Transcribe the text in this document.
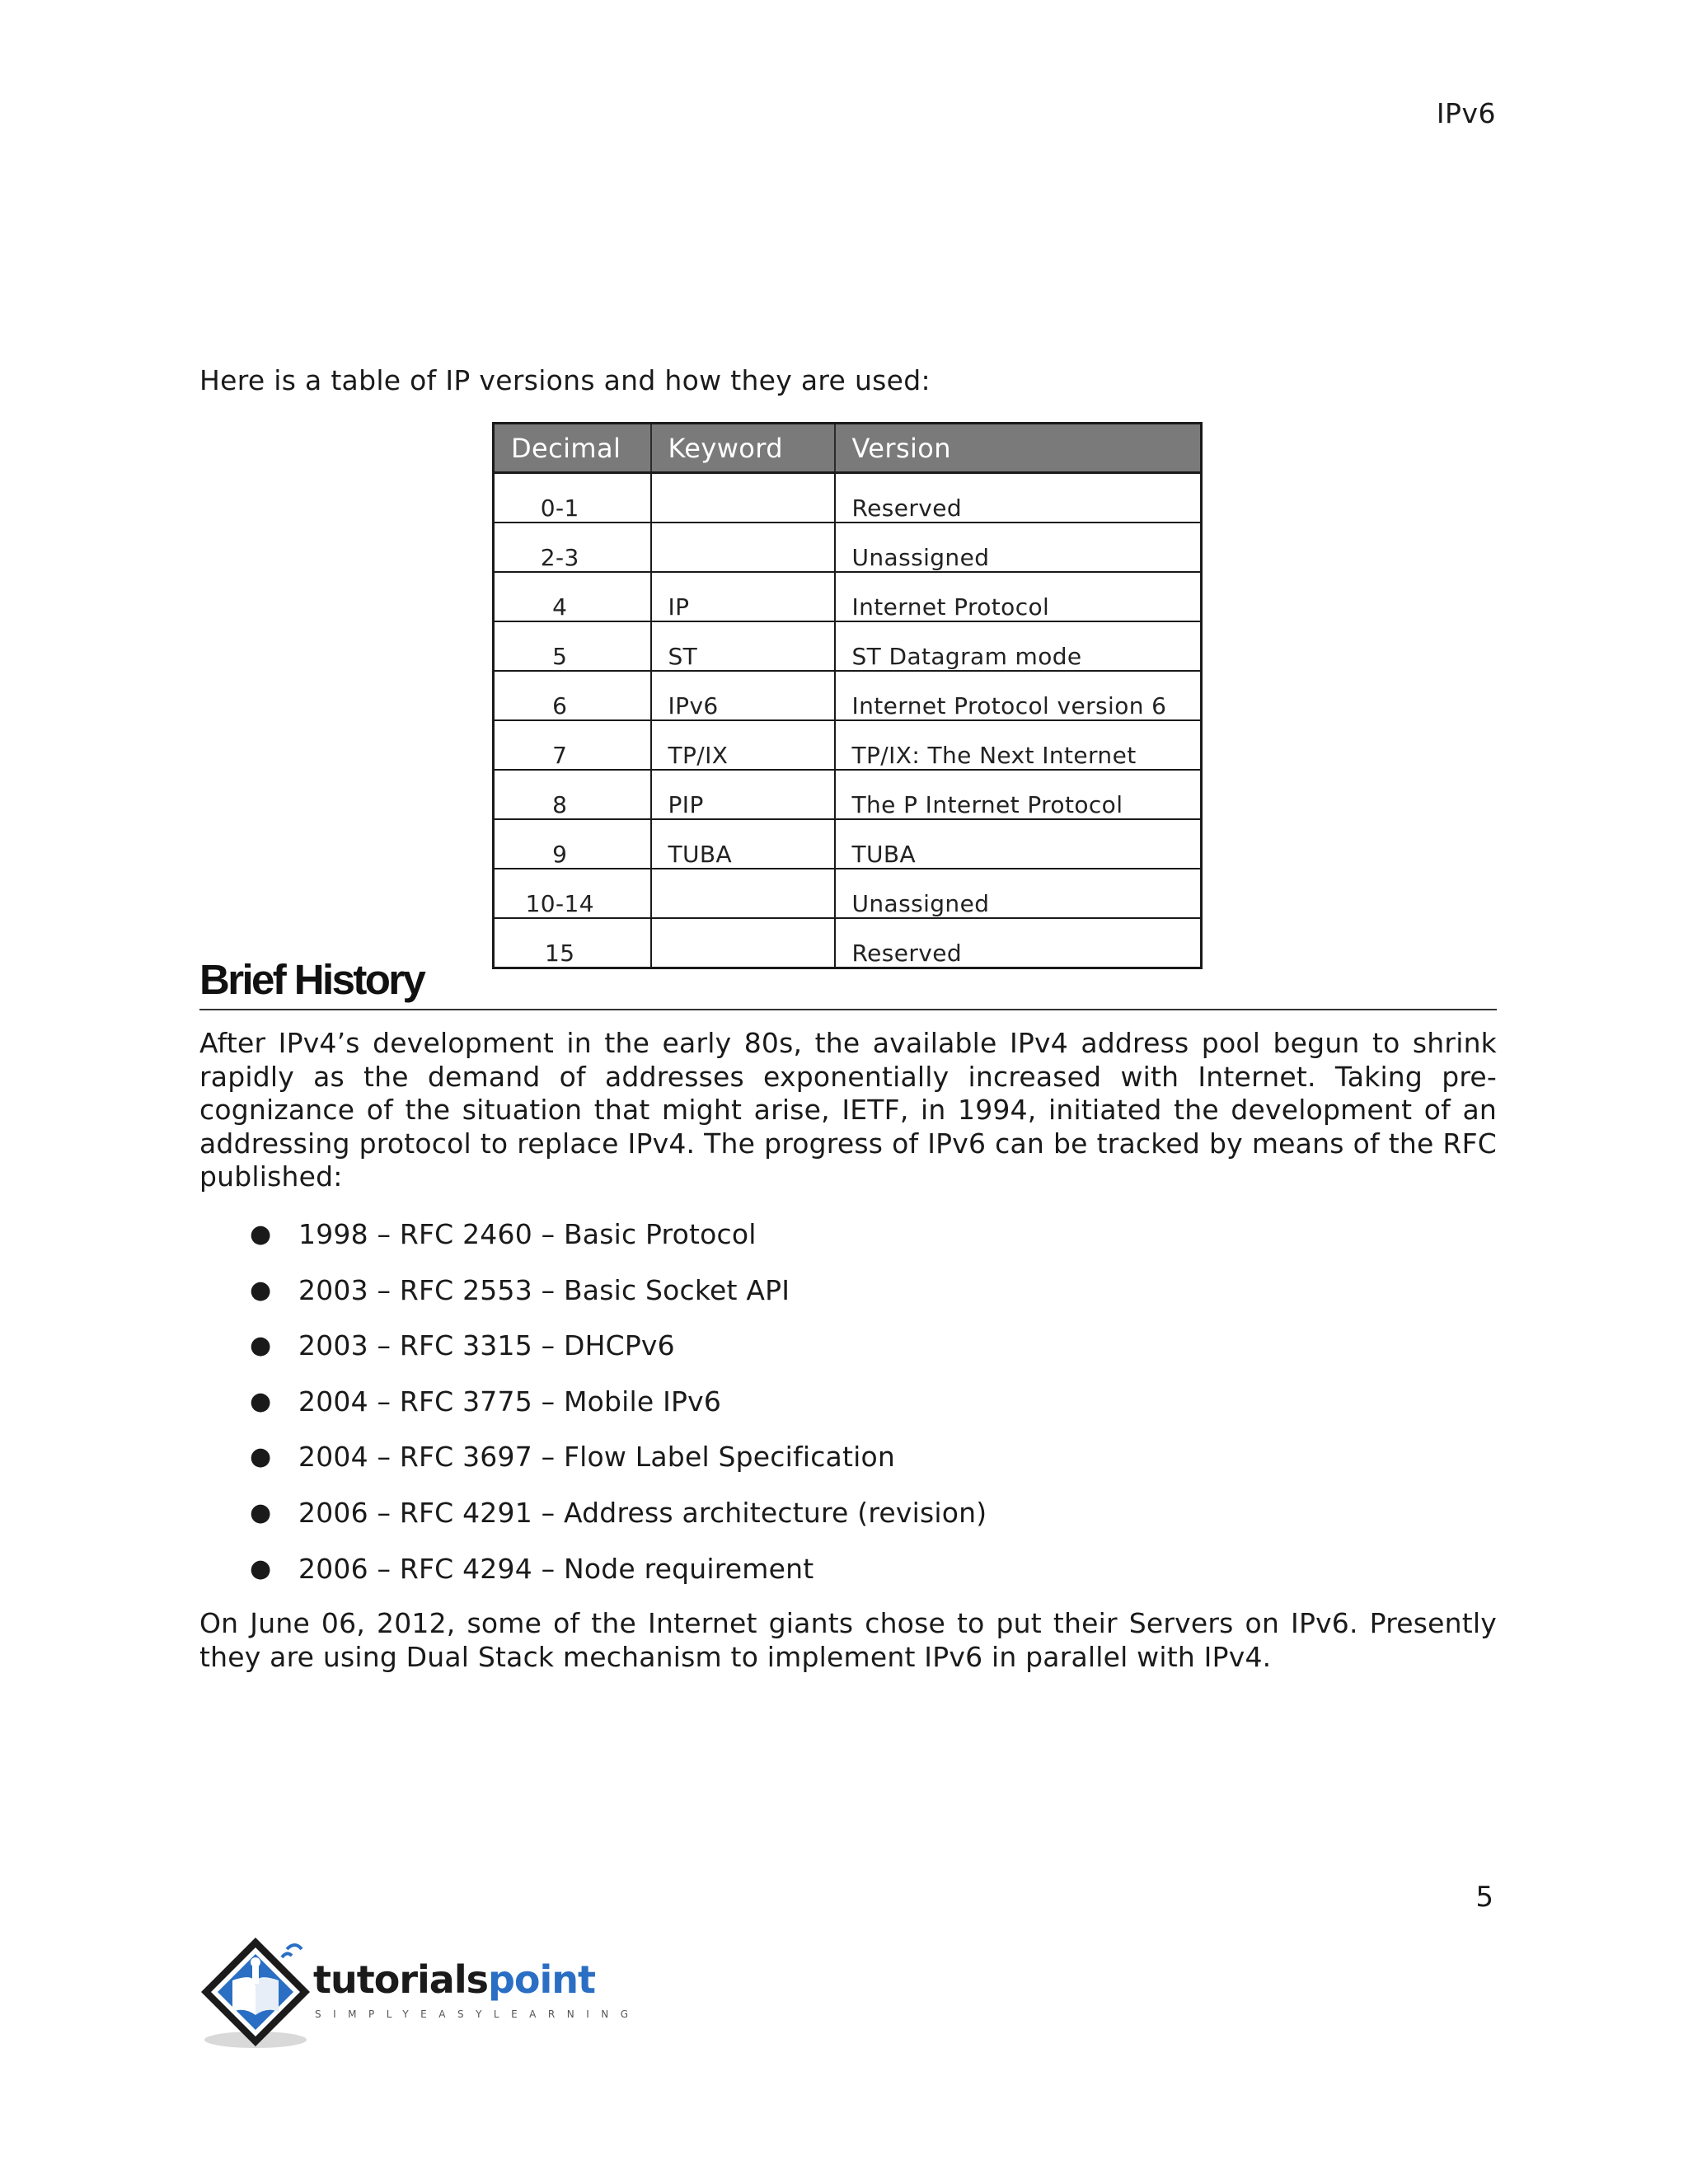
IPv6
Here is a table of IP versions and how they are used:
Decimal	Keyword	Version
0-1		Reserved
2-3		Unassigned
4	IP	Internet Protocol
5	ST	ST Datagram mode
6	IPv6	Internet Protocol version 6
7	TP/IX	TP/IX: The Next Internet
8	PIP	The P Internet Protocol
9	TUBA	TUBA
10-14		Unassigned
15		Reserved
Brief History

After IPv4’s development in the early 80s, the available IPv4 address pool begun to shrink rapidly as the demand of addresses exponentially increased with Internet. Taking pre-cognizance of the situation that might arise, IETF, in 1994, initiated the development of an addressing protocol to replace IPv4. The progress of IPv6 can be tracked by means of the RFC published:

● 1998 – RFC 2460 – Basic Protocol
● 2003 – RFC 2553 – Basic Socket API
● 2003 – RFC 3315 – DHCPv6
● 2004 – RFC 3775 – Mobile IPv6
● 2004 – RFC 3697 – Flow Label Specification
● 2006 – RFC 4291 – Address architecture (revision)
● 2006 – RFC 4294 – Node requirement

On June 06, 2012, some of the Internet giants chose to put their Servers on IPv6. Presently they are using Dual Stack mechanism to implement IPv6 in parallel with IPv4.

5
tutorialspoint
SIMPLYEASYLEARNING
